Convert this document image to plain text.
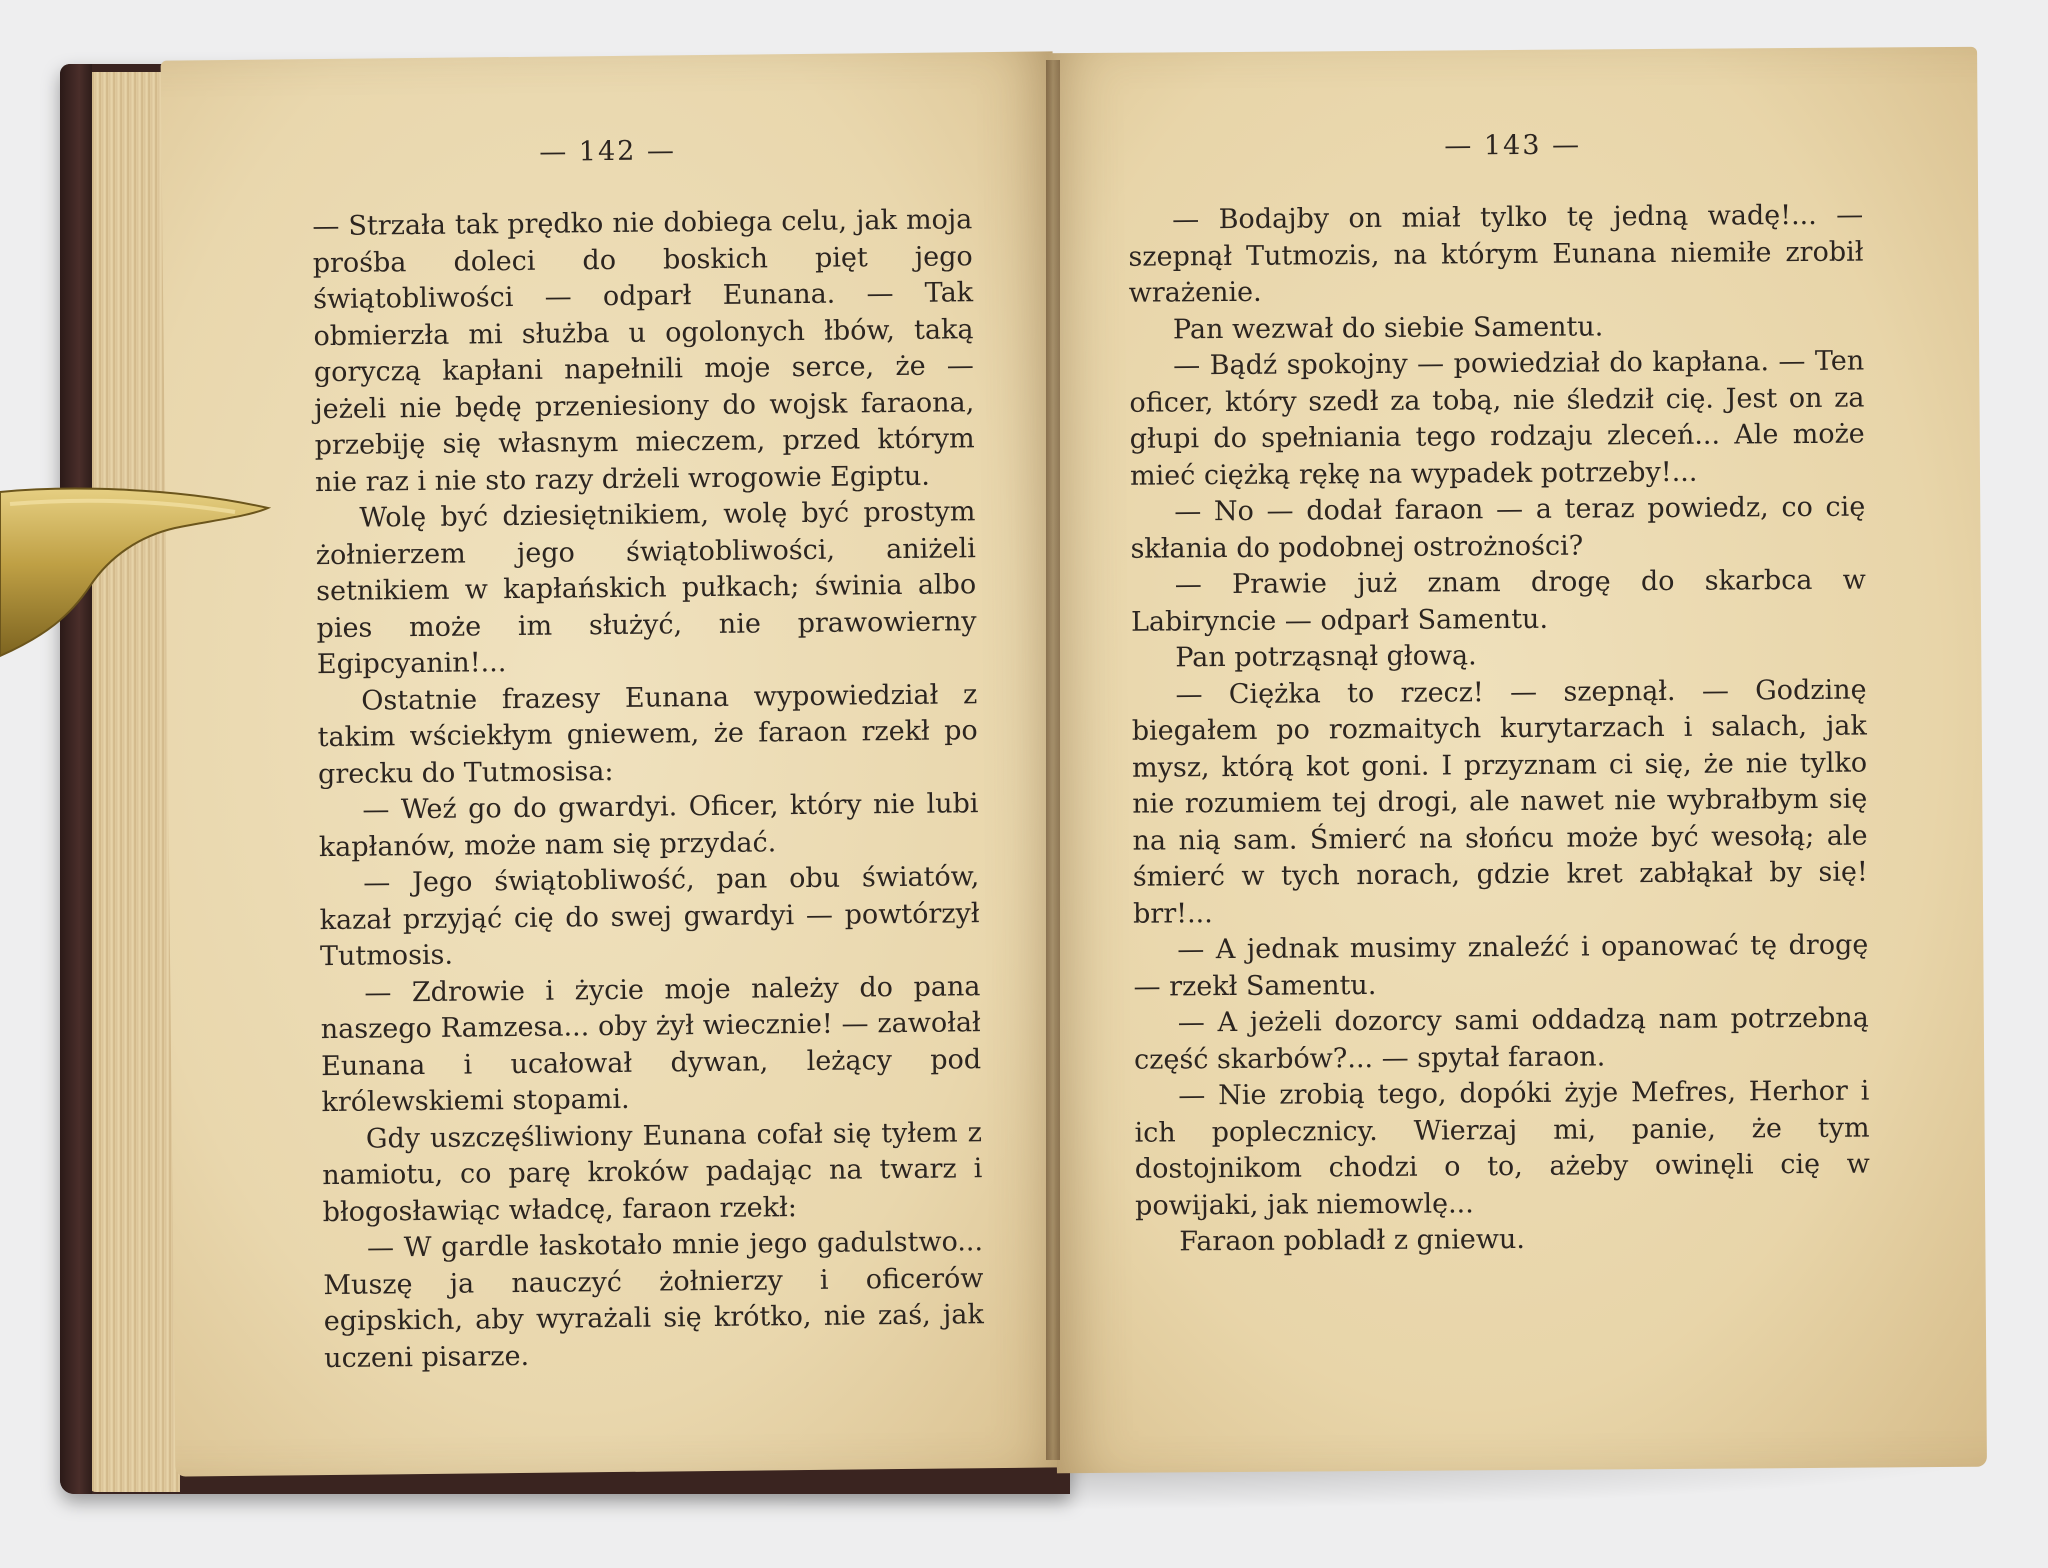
— 142 —

— Strzała tak prędko nie dobiega celu, jak moja prośba doleci do boskich pięt jego świątobliwości — odparł Eunana. — Tak obmierzła mi służba u ogolonych łbów, taką goryczą kapłani napełnili moje serce, że — jeżeli nie będę przeniesiony do wojsk faraona, przebiję się własnym mieczem, przed którym nie raz i nie sto razy drżeli wrogowie Egiptu.

Wolę być dziesiętnikiem, wolę być prostym żołnierzem jego świątobliwości, aniżeli setnikiem w kapłańskich pułkach; świnia albo pies może im służyć, nie prawowierny Egipcyanin!...

Ostatnie frazesy Eunana wypowiedział z takim wściekłym gniewem, że faraon rzekł po grecku do Tutmosisa:

— Weź go do gwardyi. Oficer, który nie lubi kapłanów, może nam się przydać.

— Jego świątobliwość, pan obu światów, kazał przyjąć cię do swej gwardyi — powtórzył Tutmosis.

— Zdrowie i życie moje należy do pana naszego Ramzesa... oby żył wiecznie! — zawołał Eunana i ucałował dywan, leżący pod królewskiemi stopami.

Gdy uszczęśliwiony Eunana cofał się tyłem z namiotu, co parę kroków padając na twarz i błogosławiąc władcę, faraon rzekł:

— W gardle łaskotało mnie jego gadulstwo... Muszę ja nauczyć żołnierzy i oficerów egipskich, aby wyrażali się krótko, nie zaś, jak uczeni pisarze.

— 143 —

— Bodajby on miał tylko tę jedną wadę!... — szepnął Tutmozis, na którym Eunana niemiłe zrobił wrażenie.

Pan wezwał do siebie Samentu.

— Bądź spokojny — powiedział do kapłana. — Ten oficer, który szedł za tobą, nie śledził cię. Jest on za głupi do spełniania tego rodzaju zleceń... Ale może mieć ciężką rękę na wypadek potrzeby!...

— No — dodał faraon — a teraz powiedz, co cię skłania do podobnej ostrożności?

— Prawie już znam drogę do skarbca w Labiryncie — odparł Samentu.

Pan potrząsnął głową.

— Ciężka to rzecz! — szepnął. — Godzinę biegałem po rozmaitych kurytarzach i salach, jak mysz, którą kot goni. I przyznam ci się, że nie tylko nie rozumiem tej drogi, ale nawet nie wybrałbym się na nią sam. Śmierć na słońcu może być wesołą; ale śmierć w tych norach, gdzie kret zabłąkał by się! brr!...

— A jednak musimy znaleźć i opanować tę drogę — rzekł Samentu.

— A jeżeli dozorcy sami oddadzą nam potrzebną część skarbów?... — spytał faraon.

— Nie zrobią tego, dopóki żyje Mefres, Herhor i ich poplecznicy. Wierzaj mi, panie, że tym dostojnikom chodzi o to, ażeby owinęli cię w powijaki, jak niemowlę...

Faraon pobladł z gniewu.
